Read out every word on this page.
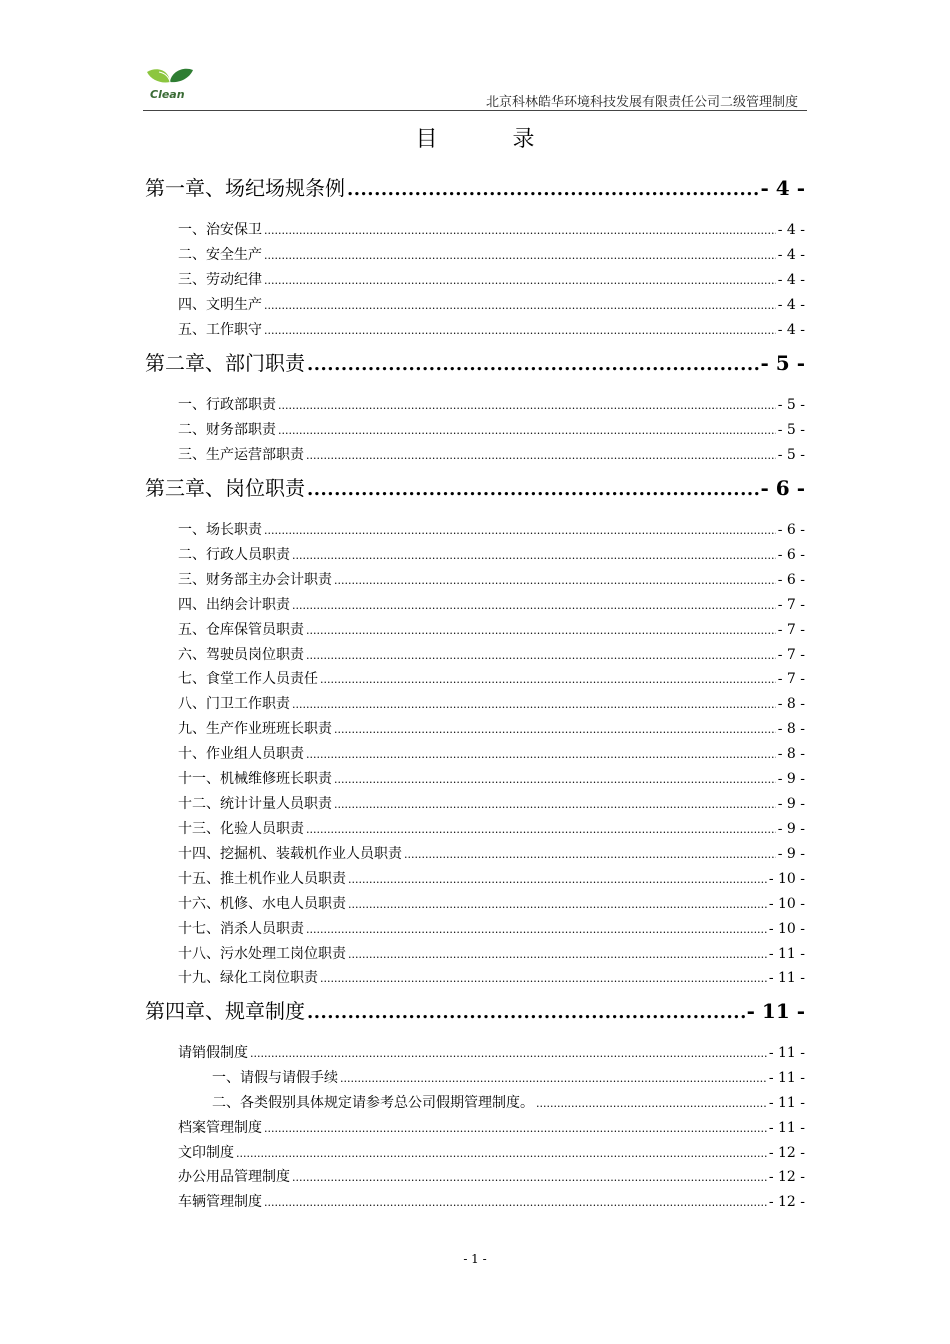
Clean
北京科林皓华环境科技发展有限责任公司二级管理制度
目 录
第一章、场纪场规条例 .....	- 4 -
一、治安保卫 .....	- 4 -
二、安全生产 .....	- 4 -
三、劳动纪律 .....	- 4 -
四、文明生产 .....	- 4 -
五、工作职守 .....	- 4 -
第二章、部门职责 .....	- 5 -
一、行政部职责 .....	- 5 -
二、财务部职责 .....	- 5 -
三、生产运营部职责 .....	- 5 -
第三章、岗位职责 .....	- 6 -
一、场长职责 .....	- 6 -
二、行政人员职责 .....	- 6 -
三、财务部主办会计职责 .....	- 6 -
四、出纳会计职责 .....	- 7 -
五、仓库保管员职责 .....	- 7 -
六、驾驶员岗位职责 .....	- 7 -
七、食堂工作人员责任 .....	- 7 -
八、门卫工作职责 .....	- 8 -
九、生产作业班班长职责 .....	- 8 -
十、作业组人员职责 .....	- 8 -
十一、机械维修班长职责 .....	- 9 -
十二、统计计量人员职责 .....	- 9 -
十三、化验人员职责 .....	- 9 -
十四、挖掘机、装载机作业人员职责 .....	- 9 -
十五、推土机作业人员职责 .....	- 10 -
十六、机修、水电人员职责 .....	- 10 -
十七、消杀人员职责 .....	- 10 -
十八、污水处理工岗位职责 .....	- 11 -
十九、绿化工岗位职责 .....	- 11 -
第四章、规章制度 .....	- 11 -
请销假制度 .....	- 11 -
一、请假与请假手续 .....	- 11 -
二、各类假别具体规定请参考总公司假期管理制度。 .....	- 11 -
档案管理制度 .....	- 11 -
文印制度 .....	- 12 -
办公用品管理制度 .....	- 12 -
车辆管理制度 .....	- 12 -
- 1 -
